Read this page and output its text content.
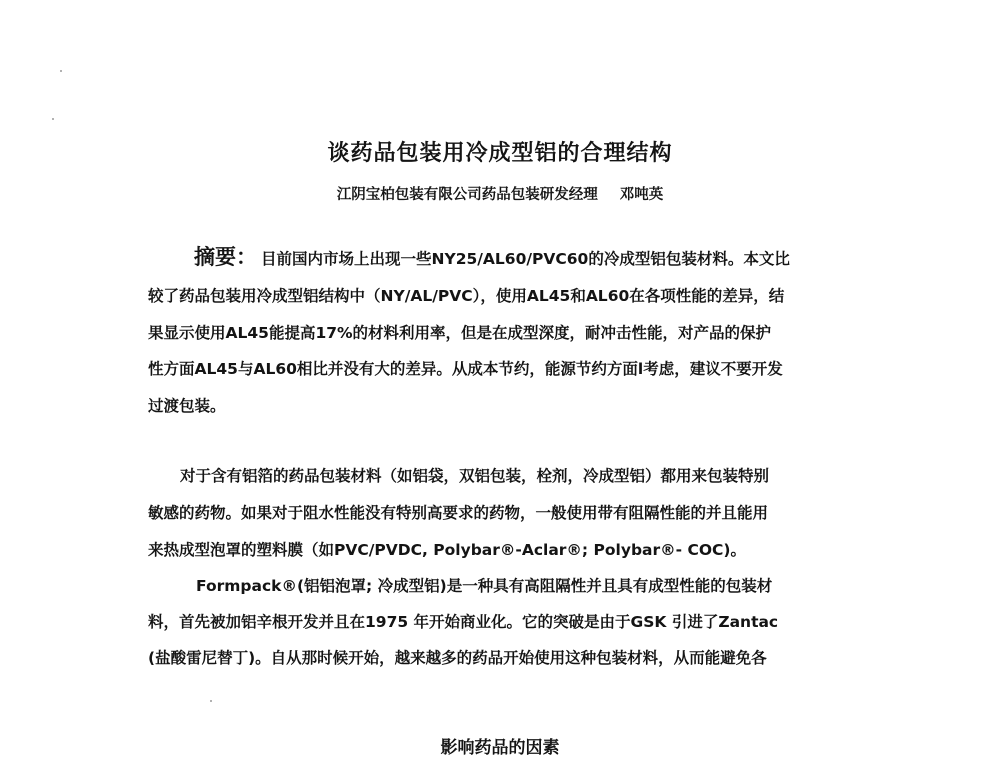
谈药品包装用冷成型铝的合理结构
江阴宝柏包装有限公司药品包装研发经理 邓吨英
摘要： 目前国内市场上出现一些NY25/AL60/PVC60的冷成型铝包装材料。本文比
较了药品包装用冷成型铝结构中（NY/AL/PVC），使用AL45和AL60在各项性能的差异，结
果显示使用AL45能提高17%的材料利用率，但是在成型深度，耐冲击性能，对产品的保护
性方面AL45与AL60相比并没有大的差异。从成本节约，能源节约方面l考虑，建议不要开发
过渡包装。
对于含有铝箔的药品包装材料（如铝袋，双铝包装，栓剂，冷成型铝）都用来包装特别
敏感的药物。如果对于阻水性能没有特别高要求的药物，一般使用带有阻隔性能的并且能用
来热成型泡罩的塑料膜（如PVC/PVDC, Polybar®-Aclar®; Polybar®- COC)。
Formpack®(铝铝泡罩; 冷成型铝)是一种具有高阻隔性并且具有成型性能的包装材
料，首先被加铝辛根开发并且在1975 年开始商业化。它的突破是由于GSK 引进了Zantac
(盐酸雷尼替丁)。自从那时候开始，越来越多的药品开始使用这种包装材料，从而能避免各
影响药品的因素
